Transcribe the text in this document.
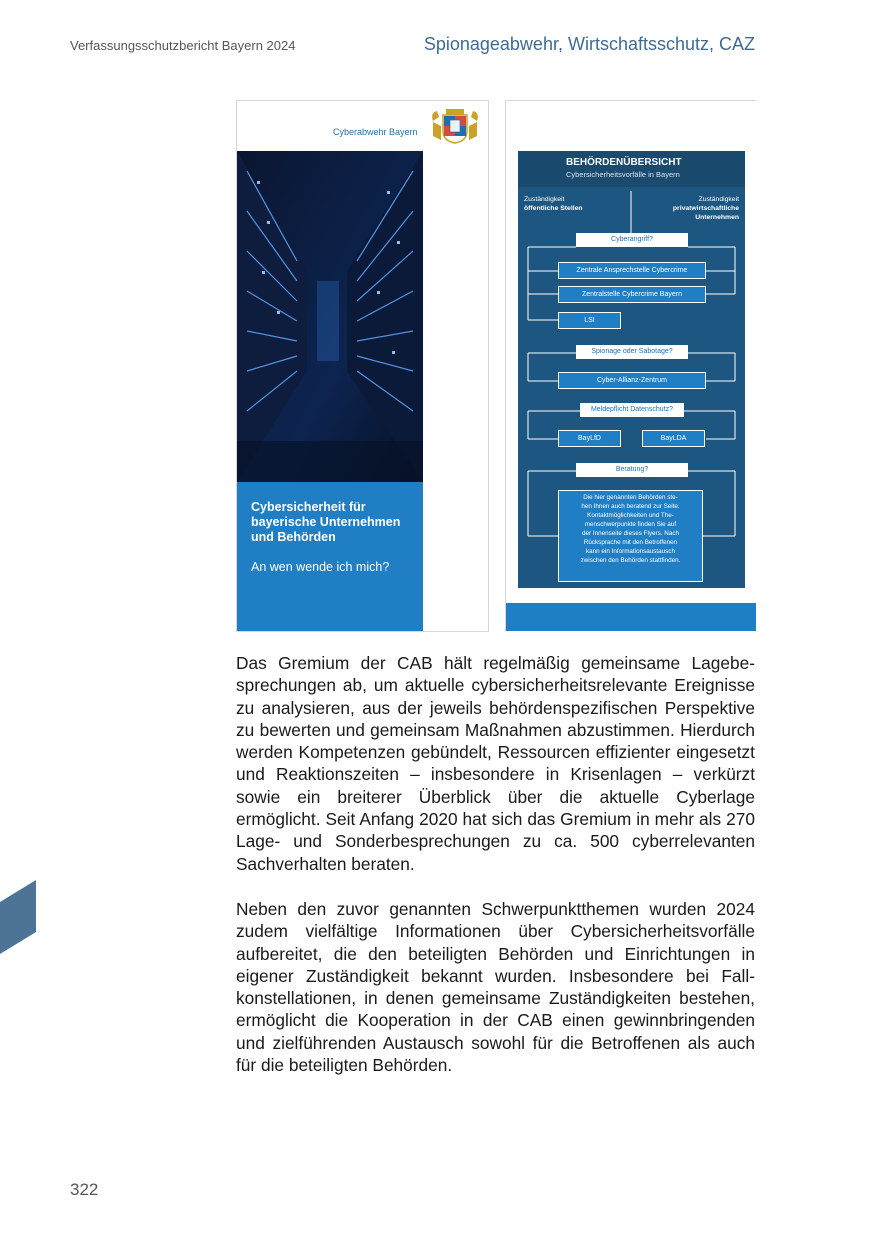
Verfassungsschutzbericht Bayern 2024	Spionageabwehr, Wirtschaftsschutz, CAZ
Cyberabwehr Bayern
Cybersicherheit für bayerische Unternehmen und Behörden
An wen wende ich mich?
BEHÖRDENÜBERSICHT
Cybersicherheitsvorfälle in Bayern
Zuständigkeit
öffentliche Stellen
Zuständigkeit
privatwirtschaftliche
Unternehmen
Cyberangriff?
Zentrale Ansprechstelle Cybercrime
Zentralstelle Cybercrime Bayern
LSI
Spionage oder Sabotage?
Cyber-Allianz-Zentrum
Meldepflicht Datenschutz?
BayLfD	BayLDA
Beratung?
Die hier genannten Behörden ste-
hen Ihnen auch beratend zur Seite.
Kontaktmöglichkeiten und The-
menschwerpunkte finden Sie auf
der Innenseite dieses Flyers. Nach
Rücksprache mit den Betroffenen
kann ein Informationsaustausch
zwischen den Behörden stattfinden.

Das Gremium der CAB hält regelmäßig gemeinsame Lagebesprechungen ab, um aktuelle cybersicherheitsrelevante Ereignisse zu analysieren, aus der jeweils behördenspezifischen Perspektive zu bewerten und gemeinsam Maßnahmen abzustimmen. Hierdurch werden Kompetenzen gebündelt, Ressourcen effizienter eingesetzt und Reaktionszeiten – insbesondere in Krisenlagen – verkürzt sowie ein breiterer Überblick über die aktuelle Cyberlage ermöglicht. Seit Anfang 2020 hat sich das Gremium in mehr als 270 Lage- und Sonderbesprechungen zu ca. 500 cyberrelevanten Sachverhalten beraten.

Neben den zuvor genannten Schwerpunktthemen wurden 2024 zudem vielfältige Informationen über Cybersicherheitsvorfälle aufbereitet, die den beteiligten Behörden und Einrichtungen in eigener Zuständigkeit bekannt wurden. Insbesondere bei Fallkonstellationen, in denen gemeinsame Zuständigkeiten bestehen, ermöglicht die Kooperation in der CAB einen gewinnbringenden und zielführenden Austausch sowohl für die Betroffenen als auch für die beteiligten Behörden.

322
